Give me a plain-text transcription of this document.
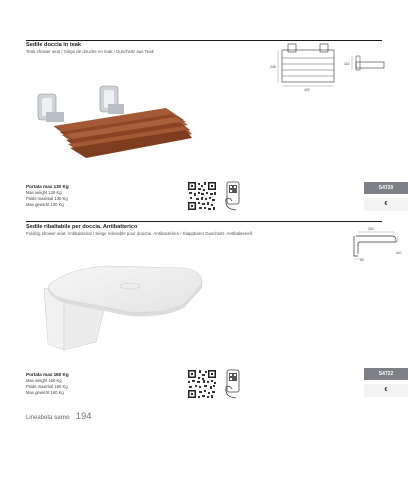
Sedile doccia in teak
Teak shower seat / Siège de douche en teak / Duschsitz aus Teak
246
400
110
Portata max 130 Kg
Max weight 130 Kg
Poids maximal 130 Kg
Max gewicht 130 Kg
S4720
€
Sedile ribaltabile per doccia. Antibatterico
Folding shower seat. Antibacterial / Siège relevable pour douche. Antibactérien / Klappbarer Duschsitz. Antibakteriell.
330
110
80
Portata max 160 Kg
Max weight 160 Kg
Poids maximal 160 Kg
Max gewicht 160 Kg
S4722
€
Lineabeta samo 194
